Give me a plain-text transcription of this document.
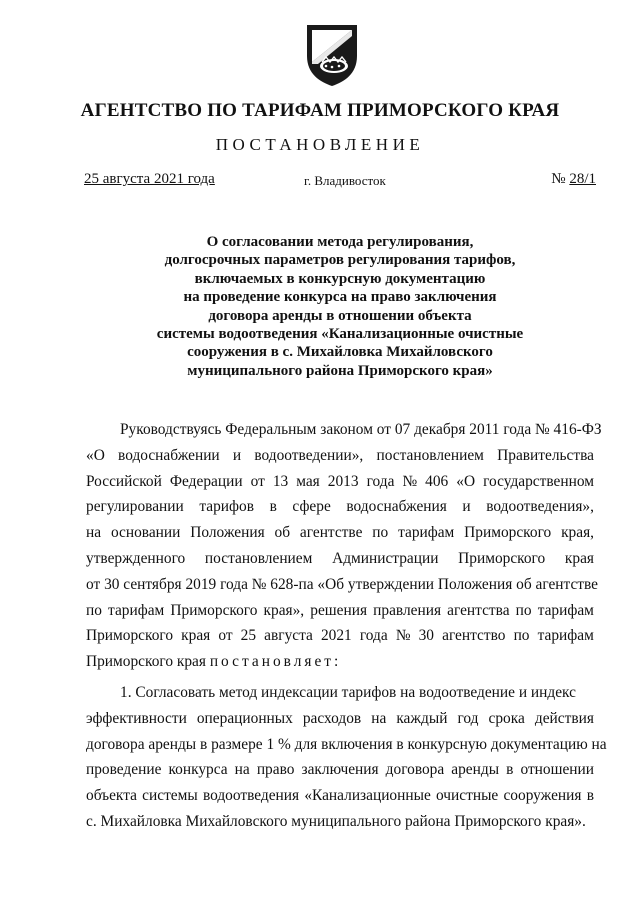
АГЕНТСТВО ПО ТАРИФАМ ПРИМОРСКОГО КРАЯ
ПОСТАНОВЛЕНИЕ
25 августа 2021 года	г. Владивосток	№ 28/1
О согласовании метода регулирования,
долгосрочных параметров регулирования тарифов,
включаемых в конкурсную документацию
на проведение конкурса на право заключения
договора аренды в отношении объекта
системы водоотведения «Канализационные очистные
сооружения в с. Михайловка Михайловского
муниципального района Приморского края»
Руководствуясь Федеральным законом от 07 декабря 2011 года № 416-ФЗ
«О водоснабжении и водоотведении», постановлением Правительства
Российской Федерации от 13 мая 2013 года № 406 «О государственном
регулировании тарифов в сфере водоснабжения и водоотведения»,
на основании Положения об агентстве по тарифам Приморского края,
утвержденного постановлением Администрации Приморского края
от 30 сентября 2019 года № 628-па «Об утверждении Положения об агентстве
по тарифам Приморского края», решения правления агентства по тарифам
Приморского края от 25 августа 2021 года № 30 агентство по тарифам
Приморского края постановляет:
1. Согласовать метод индексации тарифов на водоотведение и индекс
эффективности операционных расходов на каждый год срока действия
договора аренды в размере 1 % для включения в конкурсную документацию на
проведение конкурса на право заключения договора аренды в отношении
объекта системы водоотведения «Канализационные очистные сооружения в
с. Михайловка Михайловского муниципального района Приморского края».
